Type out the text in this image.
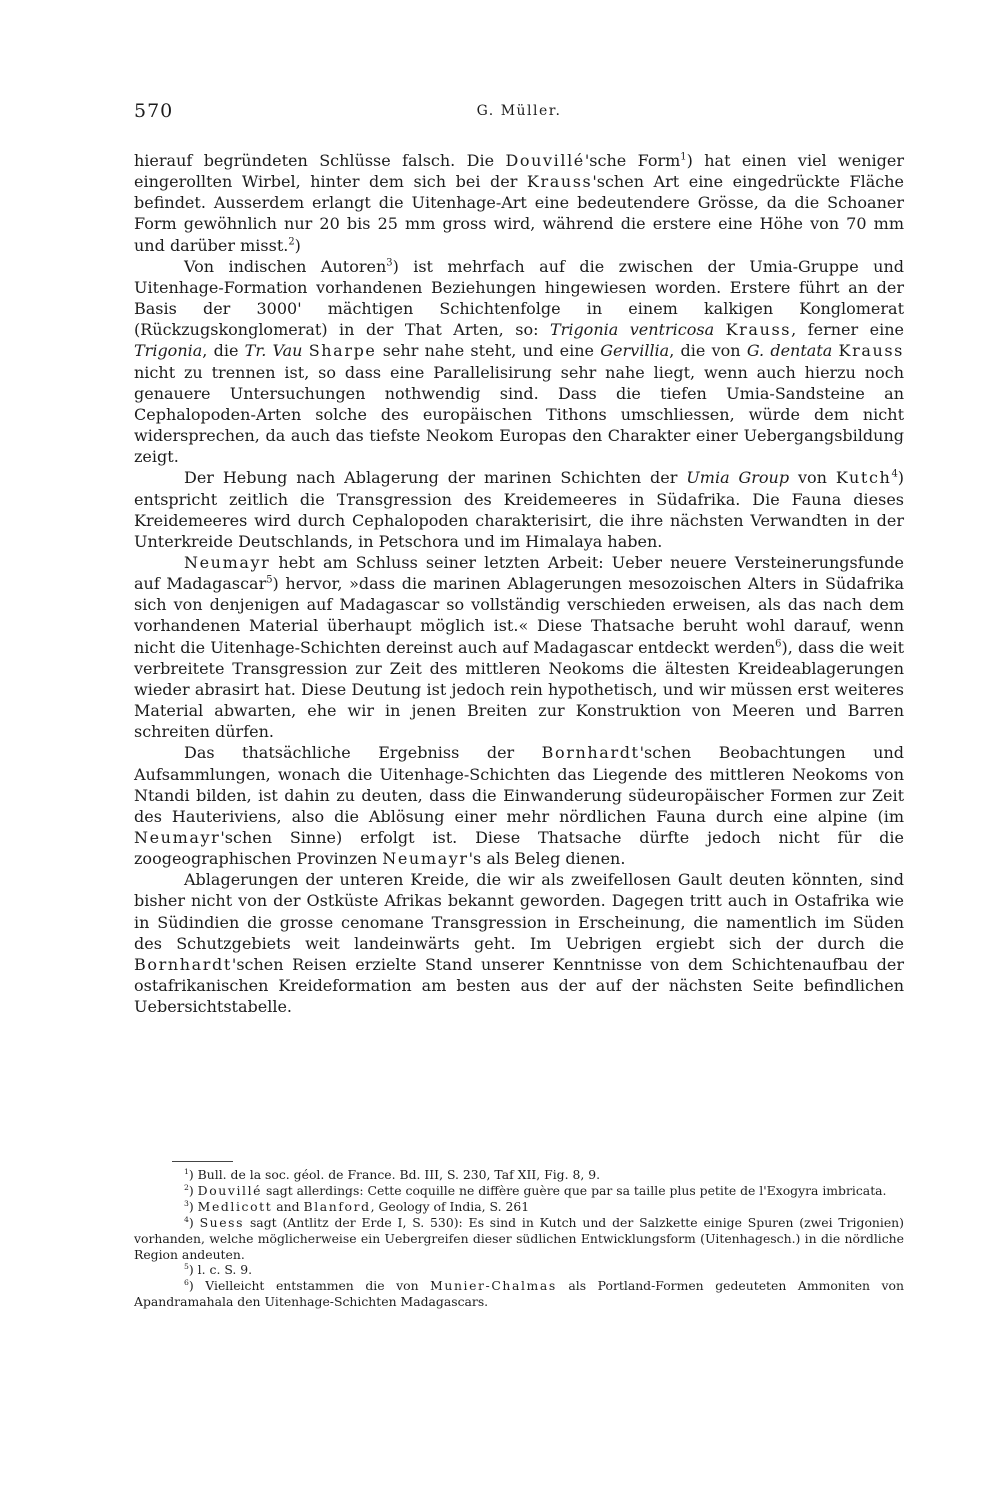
570	G. Müller.

hierauf begründeten Schlüsse falsch. Die Douvillé'sche Form$^1$) hat einen viel weniger eingerollten Wirbel, hinter dem sich bei der Krauss'schen Art eine eingedrückte Fläche befindet. Ausserdem erlangt die Uitenhage-Art eine bedeutendere Grösse, da die Schoaner Form gewöhnlich nur 20 bis 25 mm gross wird, während die erstere eine Höhe von 70 mm und darüber misst.$^2$)

Von indischen Autoren$^3$) ist mehrfach auf die zwischen der Umia-Gruppe und Uitenhage-Formation vorhandenen Beziehungen hingewiesen worden. Erstere führt an der Basis der 3000' mächtigen Schichtenfolge in einem kalkigen Konglomerat (Rückzugskonglomerat) in der That Arten, so: Trigonia ventricosa Krauss, ferner eine Trigonia, die Tr. Vau Sharpe sehr nahe steht, und eine Gervillia, die von G. dentata Krauss nicht zu trennen ist, so dass eine Parallelisirung sehr nahe liegt, wenn auch hierzu noch genauere Untersuchungen nothwendig sind. Dass die tiefen Umia-Sandsteine an Cephalopoden-Arten solche des europäischen Tithons umschliessen, würde dem nicht widersprechen, da auch das tiefste Neokom Europas den Charakter einer Uebergangsbildung zeigt.

Der Hebung nach Ablagerung der marinen Schichten der Umia Group von Kutch$^4$) entspricht zeitlich die Transgression des Kreidemeeres in Südafrika. Die Fauna dieses Kreidemeeres wird durch Cephalopoden charakterisirt, die ihre nächsten Verwandten in der Unterkreide Deutschlands, in Petschora und im Himalaya haben.

Neumayr hebt am Schluss seiner letzten Arbeit: Ueber neuere Versteinerungsfunde auf Madagascar$^5$) hervor, »dass die marinen Ablagerungen mesozoischen Alters in Südafrika sich von denjenigen auf Madagascar so vollständig verschieden erweisen, als das nach dem vorhandenen Material überhaupt möglich ist.« Diese Thatsache beruht wohl darauf, wenn nicht die Uitenhage-Schichten dereinst auch auf Madagascar entdeckt werden$^6$), dass die weit verbreitete Transgression zur Zeit des mittleren Neokoms die ältesten Kreideablagerungen wieder abrasirt hat. Diese Deutung ist jedoch rein hypothetisch, und wir müssen erst weiteres Material abwarten, ehe wir in jenen Breiten zur Konstruktion von Meeren und Barren schreiten dürfen.

Das thatsächliche Ergebniss der Bornhardt'schen Beobachtungen und Aufsammlungen, wonach die Uitenhage-Schichten das Liegende des mittleren Neokoms von Ntandi bilden, ist dahin zu deuten, dass die Einwanderung südeuropäischer Formen zur Zeit des Hauteriviens, also die Ablösung einer mehr nördlichen Fauna durch eine alpine (im Neumayr'schen Sinne) erfolgt ist. Diese Thatsache dürfte jedoch nicht für die zoogeographischen Provinzen Neumayr's als Beleg dienen.

Ablagerungen der unteren Kreide, die wir als zweifellosen Gault deuten könnten, sind bisher nicht von der Ostküste Afrikas bekannt geworden. Dagegen tritt auch in Ostafrika wie in Südindien die grosse cenomane Transgression in Erscheinung, die namentlich im Süden des Schutzgebiets weit landeinwärts geht. Im Uebrigen ergiebt sich der durch die Bornhardt'schen Reisen erzielte Stand unserer Kenntnisse von dem Schichtenaufbau der ostafrikanischen Kreideformation am besten aus der auf der nächsten Seite befindlichen Uebersichtstabelle.

$^1$) Bull. de la soc. géol. de France. Bd. III, S. 230, Taf XII, Fig. 8, 9.

$^2$) Douvillé sagt allerdings: Cette coquille ne diffère guère que par sa taille plus petite de l'Exogyra imbricata.

$^3$) Medlicott and Blanford, Geology of India, S. 261

$^4$) Suess sagt (Antlitz der Erde I, S. 530): Es sind in Kutch und der Salzkette einige Spuren (zwei Trigonien) vorhanden, welche möglicherweise ein Uebergreifen dieser südlichen Entwicklungsform (Uitenhagesch.) in die nördliche Region andeuten.

$^5$) l. c. S. 9.

$^6$) Vielleicht entstammen die von Munier-Chalmas als Portland-Formen gedeuteten Ammoniten von Apandramahala den Uitenhage-Schichten Madagascars.
